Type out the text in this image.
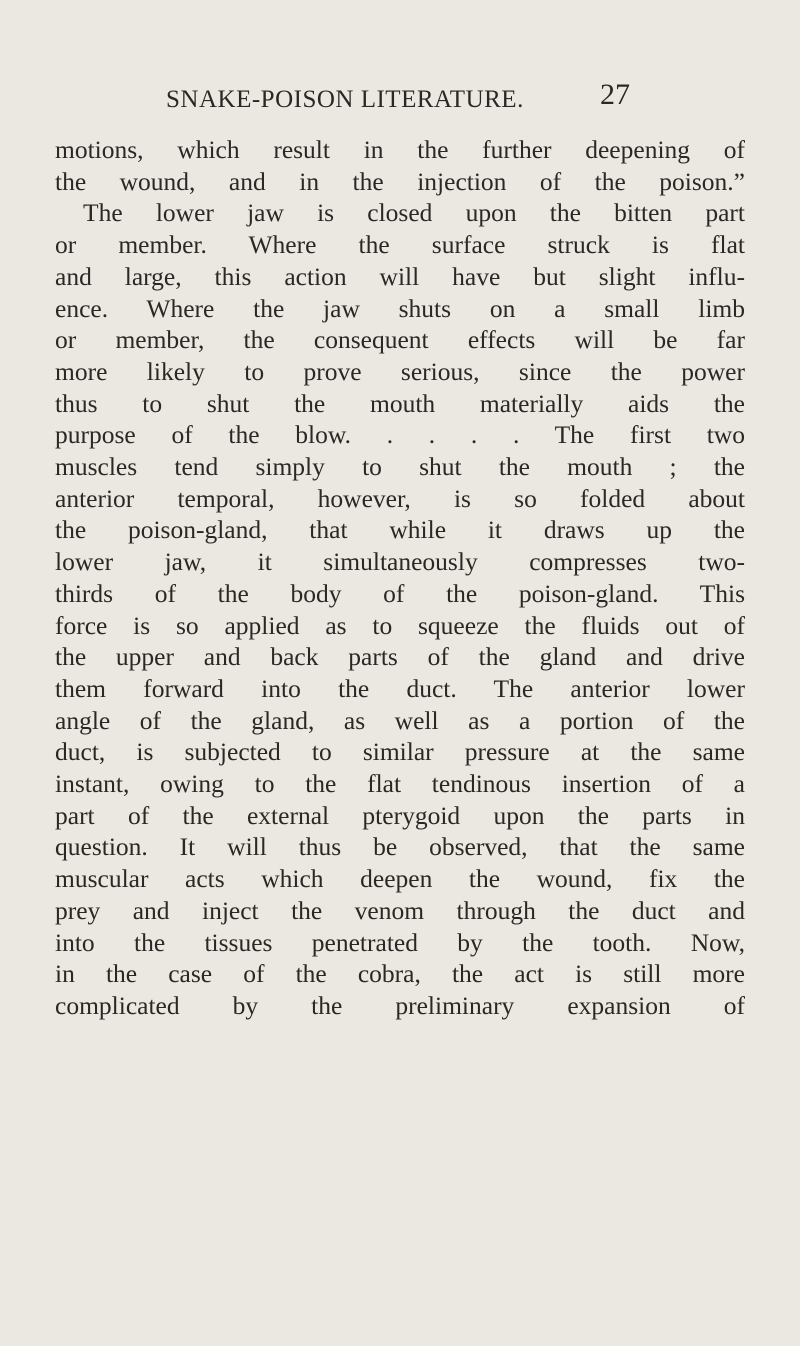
SNAKE-POISON LITERATURE.	27
motions, which result in the further deepening of
the wound, and in the injection of the poison.”
The lower jaw is closed upon the bitten part
or member. Where the surface struck is flat
and large, this action will have but slight influ-
ence. Where the jaw shuts on a small limb
or member, the consequent effects will be far
more likely to prove serious, since the power
thus to shut the mouth materially aids the
purpose of the blow. . . . . The first two
muscles tend simply to shut the mouth ; the
anterior temporal, however, is so folded about
the poison-gland, that while it draws up the
lower jaw, it simultaneously compresses two-
thirds of the body of the poison-gland. This
force is so applied as to squeeze the fluids out of
the upper and back parts of the gland and drive
them forward into the duct. The anterior lower
angle of the gland, as well as a portion of the
duct, is subjected to similar pressure at the same
instant, owing to the flat tendinous insertion of a
part of the external pterygoid upon the parts in
question. It will thus be observed, that the same
muscular acts which deepen the wound, fix the
prey and inject the venom through the duct and
into the tissues penetrated by the tooth. Now,
in the case of the cobra, the act is still more
complicated by the preliminary expansion of
